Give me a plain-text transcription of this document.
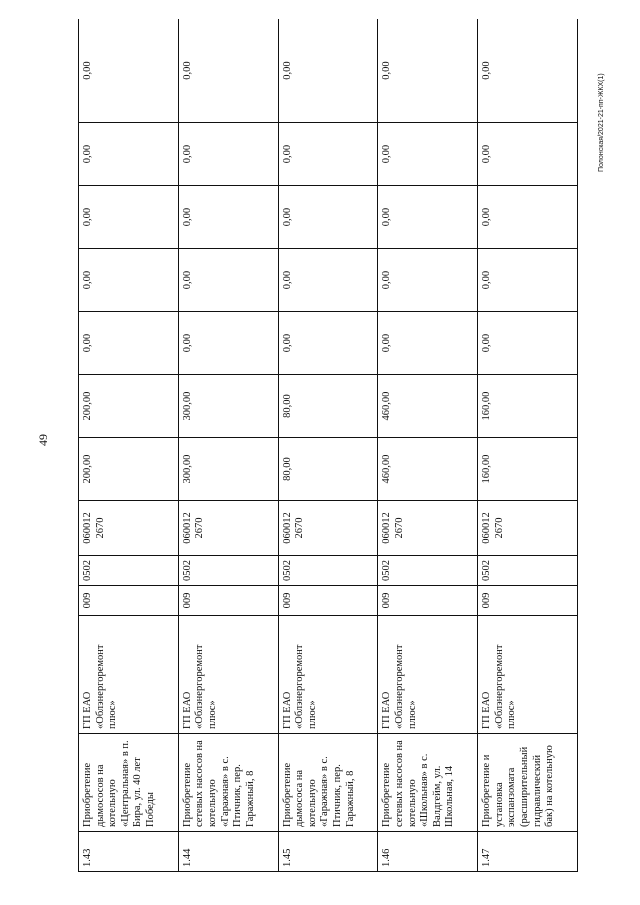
49
Полонская/2021-21-пп-ЖКХ(1)
1.43	Приобретение дымососов на котельную «Центральная» в п. Бира, ул. 40 лет Победы	ГП ЕАО «Облэнергоремонт плюс»	009	0502	060012 2670	200,00	200,00	0,00	0,00	0,00	0,00	0,00
1.44	Приобретение сетевых насосов на котельную «Гаражная» в с. Птичник, пер. Гаражный, 8	ГП ЕАО «Облэнергоремонт плюс»	009	0502	060012 2670	300,00	300,00	0,00	0,00	0,00	0,00	0,00
1.45	Приобретение дымососа на котельную «Гаражная» в с. Птичник, пер. Гаражный, 8	ГП ЕАО «Облэнергоремонт плюс»	009	0502	060012 2670	80,00	80,00	0,00	0,00	0,00	0,00	0,00
1.46	Приобретение сетевых насосов на котельную «Школьная» в с. Валдгейм, ул. Школьная, 14	ГП ЕАО «Облэнергоремонт плюс»	009	0502	060012 2670	460,00	460,00	0,00	0,00	0,00	0,00	0,00
1.47	Приобретение и установка экспанзомата (расширительный гидравлический бак) на котельную	ГП ЕАО «Облэнергоремонт плюс»	009	0502	060012 2670	160,00	160,00	0,00	0,00	0,00	0,00	0,00
